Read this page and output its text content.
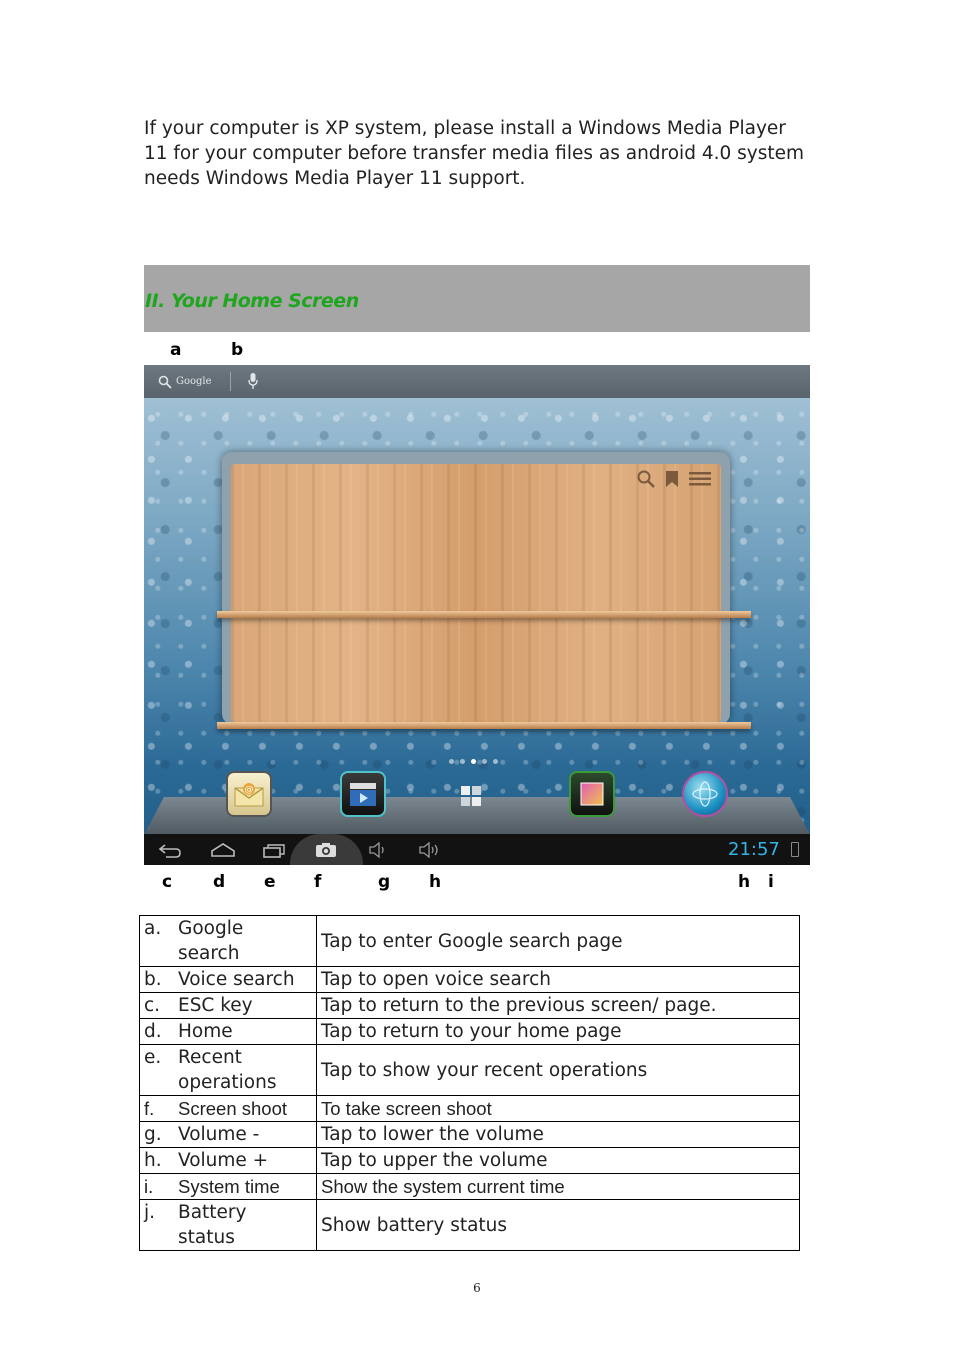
If your computer is XP system, please install a Windows Media Player 11 for your computer before transfer media files as android 4.0 system needs Windows Media Player 11 support.
II. Your Home Screen
a	b
Google
@
21:57
c d e f	g h	h i
a. Google search	Tap to enter Google search page
b. Voice search	Tap to open voice search
c. ESC key	Tap to return to the previous screen/ page.
d. Home	Tap to return to your home page
e. Recent operations	Tap to show your recent operations
f. Screen shoot	To take screen shoot
g. Volume -	Tap to lower the volume
h. Volume +	Tap to upper the volume
i. System time	Show the system current time
j. Battery status	Show battery status
6
